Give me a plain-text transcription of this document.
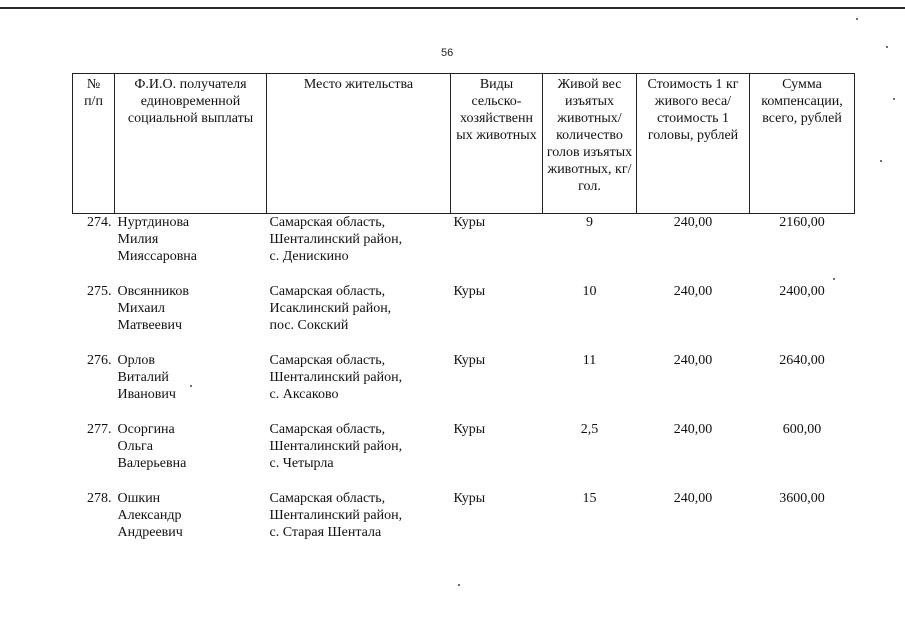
56
№
п/п	Ф.И.О. получателя единовременной социальной выплаты	Место жительства	Виды сельско-хозяйственн ых животных	Живой вес изъятых животных/ количество голов изъятых животных, кг/гол.	Стоимость 1 кг живого веса/стоимость 1 головы, рублей	Сумма компенсации, всего, рублей
274.	Нуртдинова
Милия
Мияссаровна	Самарская область,
Шенталинский район,
с. Денискино	Куры	9	240,00	2160,00
275.	Овсянников
Михаил
Матвеевич	Самарская область,
Исаклинский район,
пос. Сокский	Куры	10	240,00	2400,00
276.	Орлов
Виталий
Иванович	Самарская область,
Шенталинский район,
с. Аксаково	Куры	11	240,00	2640,00
277.	Осоргина
Ольга
Валерьевна	Самарская область,
Шенталинский район,
с. Четырла	Куры	2,5	240,00	600,00
278.	Ошкин
Александр
Андреевич	Самарская область,
Шенталинский район,
с. Старая Шентала	Куры	15	240,00	3600,00
